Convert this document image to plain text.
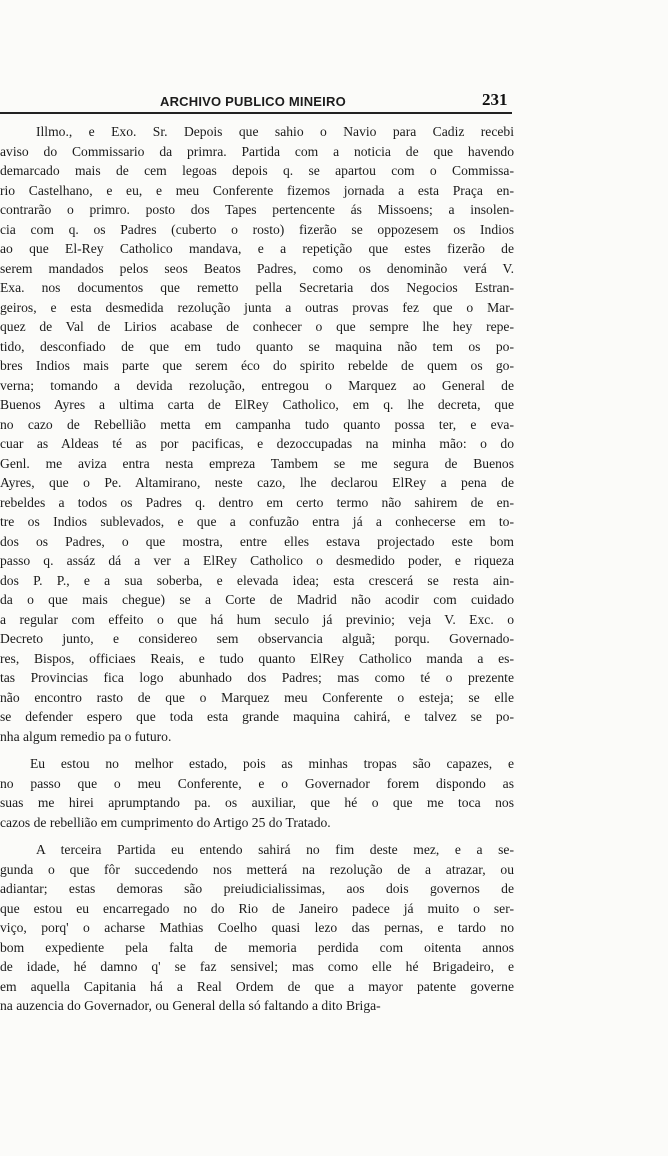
ARCHIVO PUBLICO MINEIRO	231
Illmo., e Exo. Sr. Depois que sahio o Navio para Cadiz recebi
aviso do Commissario da primra. Partida com a noticia de que havendo
demarcado mais de cem legoas depois q. se apartou com o Commissa-
rio Castelhano, e eu, e meu Conferente fizemos jornada a esta Praça en-
contrarão o primro. posto dos Tapes pertencente ás Missoens; a insolen-
cia com q. os Padres (cuberto o rosto) fizerão se oppozesem os Indios
ao que El-Rey Catholico mandava, e a repetição que estes fizerão de
serem mandados pelos seos Beatos Padres, como os denominão verá V.
Exa. nos documentos que remetto pella Secretaria dos Negocios Estran-
geiros, e esta desmedida rezolução junta a outras provas fez que o Mar-
quez de Val de Lirios acabase de conhecer o que sempre lhe hey repe-
tido, desconfiado de que em tudo quanto se maquina não tem os po-
bres Indios mais parte que serem éco do spirito rebelde de quem os go-
verna; tomando a devida rezolução, entregou o Marquez ao General de
Buenos Ayres a ultima carta de ElRey Catholico, em q. lhe decreta, que
no cazo de Rebellião metta em campanha tudo quanto possa ter, e eva-
cuar as Aldeas té as por pacificas, e dezoccupadas na minha mão: o do
Genl. me aviza entra nesta empreza Tambem se me segura de Buenos
Ayres, que o Pe. Altamirano, neste cazo, lhe declarou ElRey a pena de
rebeldes a todos os Padres q. dentro em certo termo não sahirem de en-
tre os Indios sublevados, e que a confuzão entra já a conhecerse em to-
dos os Padres, o que mostra, entre elles estava projectado este bom
passo q. assáz dá a ver a ElRey Catholico o desmedido poder, e riqueza
dos P. P., e a sua soberba, e elevada idea; esta crescerá se resta ain-
da o que mais chegue) se a Corte de Madrid não acodir com cuidado
a regular com effeito o que há hum seculo já previnio; veja V. Exc. o
Decreto junto, e considereo sem observancia alguã; porqu. Governado-
res, Bispos, officiaes Reais, e tudo quanto ElRey Catholico manda a es-
tas Provincias fica logo abunhado dos Padres; mas como té o prezente
não encontro rasto de que o Marquez meu Conferente o esteja; se elle
se defender espero que toda esta grande maquina cahirá, e talvez se po-
nha algum remedio pa o futuro.
Eu estou no melhor estado, pois as minhas tropas são capazes, e
no passo que o meu Conferente, e o Governador forem dispondo as
suas me hirei aprumptando pa. os auxiliar, que hé o que me toca nos
cazos de rebellião em cumprimento do Artigo 25 do Tratado.
A terceira Partida eu entendo sahirá no fim deste mez, e a se-
gunda o que fôr succedendo nos metterá na rezolução de a atrazar, ou
adiantar; estas demoras são preiudicialissimas, aos dois governos de
que estou eu encarregado no do Rio de Janeiro padece já muito o ser-
viço, porq' o acharse Mathias Coelho quasi lezo das pernas, e tardo no
bom expediente pela falta de memoria perdida com oitenta annos
de idade, hé damno q' se faz sensivel; mas como elle hé Brigadeiro, e
em aquella Capitania há a Real Ordem de que a mayor patente governe
na auzencia do Governador, ou General della só faltando a dito Briga-
